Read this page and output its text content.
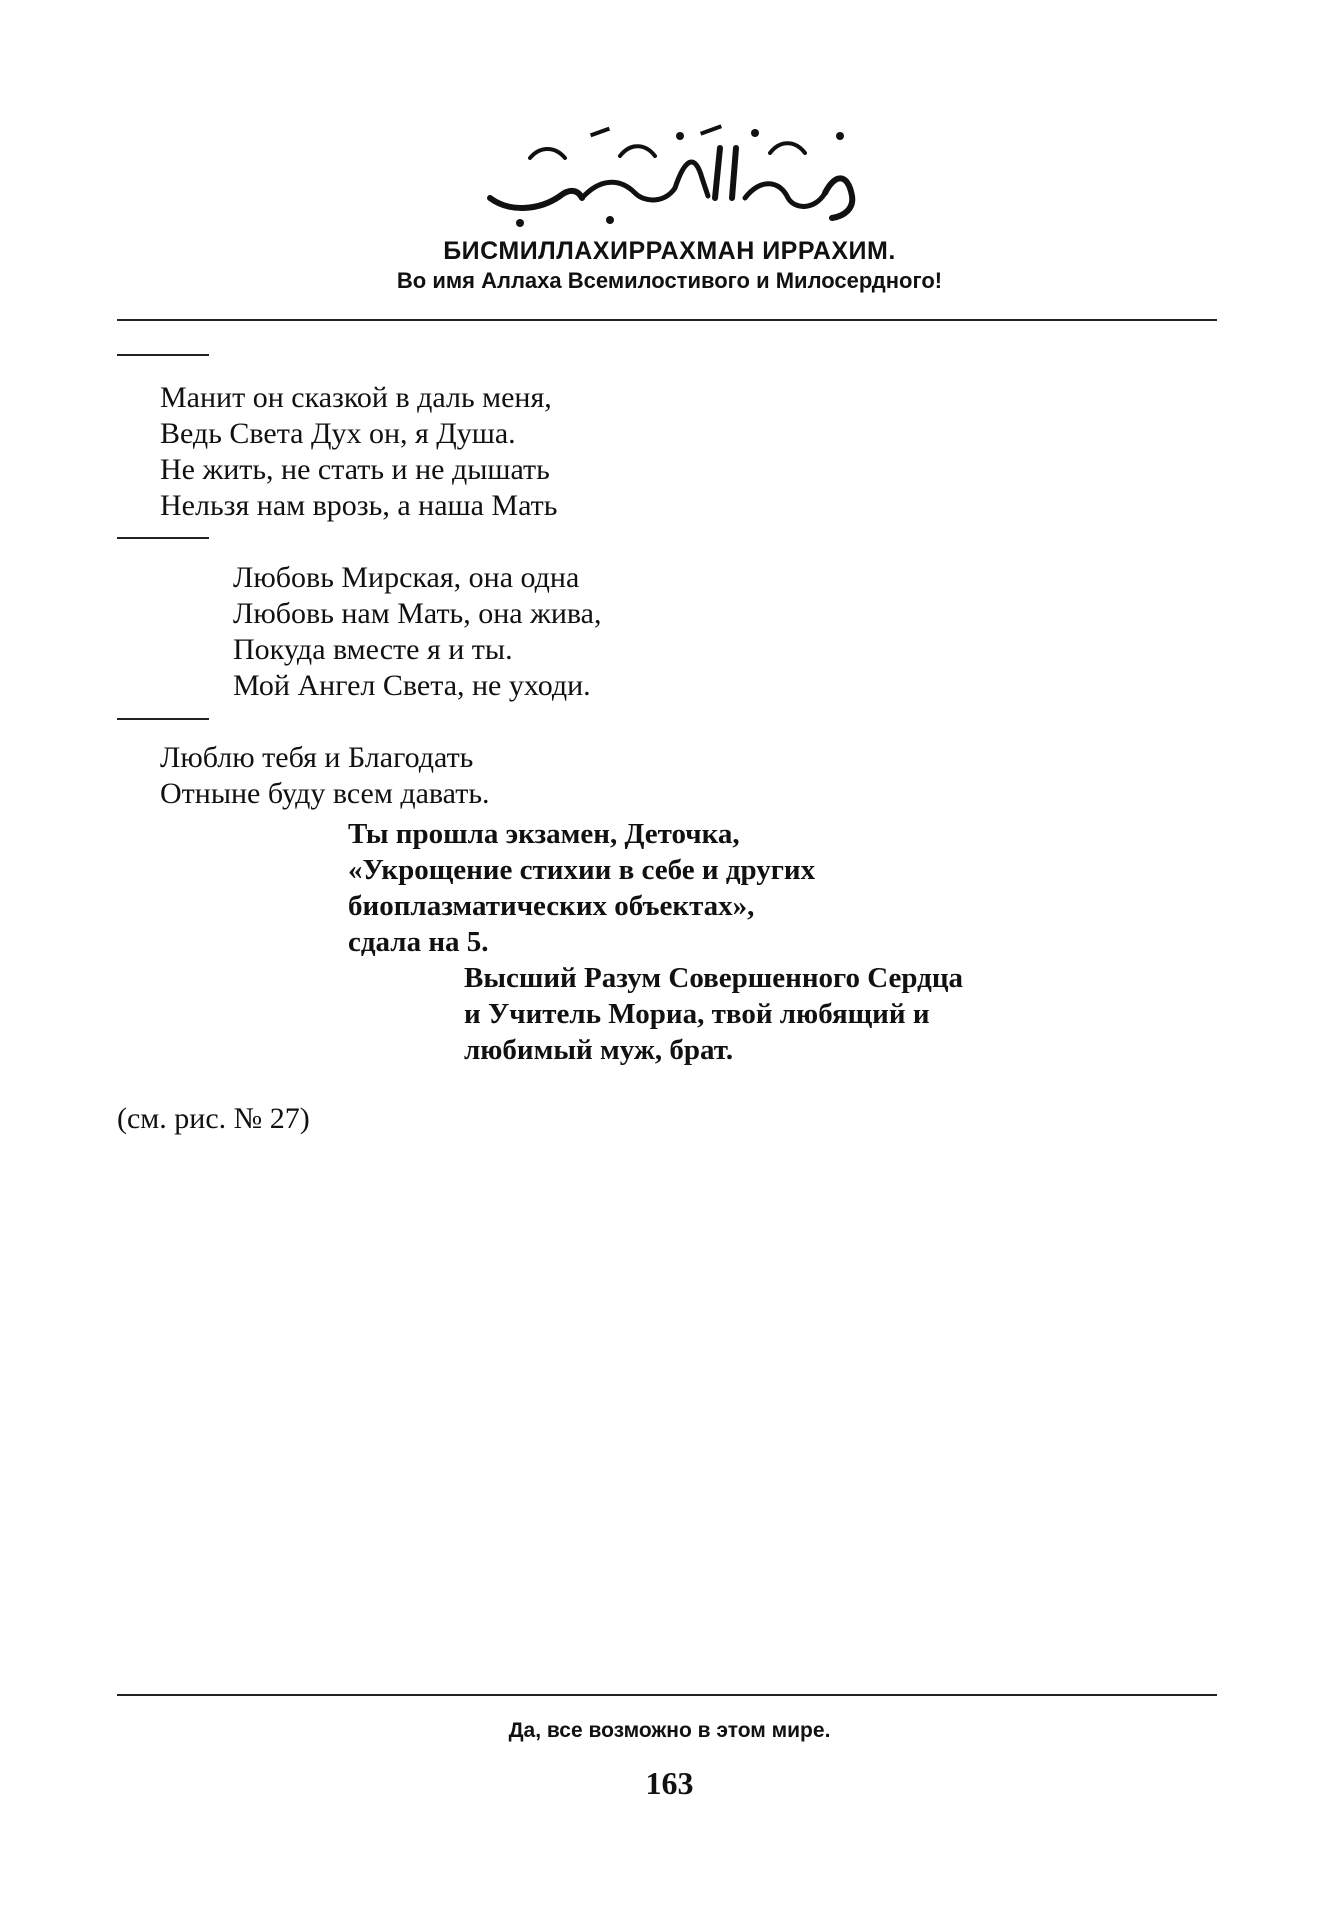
БИСМИЛЛАХИРРАХМАН ИРРАХИМ.
Во имя Аллаха Всемилостивого и Милосердного!
Манит он сказкой в даль меня,
Ведь Света Дух он, я Душа.
Не жить, не стать и не дышать
Нельзя нам врозь, а наша Мать
Любовь Мирская, она одна
Любовь нам Мать, она жива,
Покуда вместе я и ты.
Мой Ангел Света, не уходи.
Люблю тебя и Благодать
Отныне буду всем давать.
Ты прошла экзамен, Деточка,
«Укрощение стихии в себе и других
биоплазматических объектах»,
сдала на 5.
Высший Разум Совершенного Сердца
и Учитель Мориа, твой любящий и
любимый муж, брат.
(см. рис. № 27)
Да, все возможно в этом мире.
163
